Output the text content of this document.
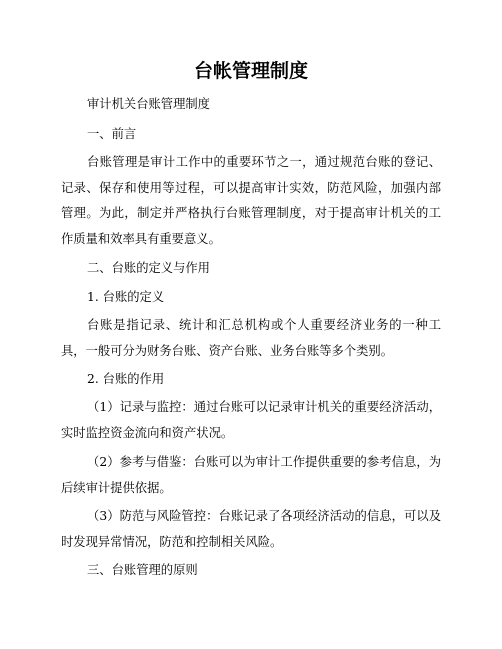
台帐管理制度

审计机关台账管理制度

一、前言

台账管理是审计工作中的重要环节之一，通过规范台账的登记、记录、保存和使用等过程，可以提高审计实效，防范风险，加强内部管理。为此，制定并严格执行台账管理制度，对于提高审计机关的工作质量和效率具有重要意义。

二、台账的定义与作用

1. 台账的定义

台账是指记录、统计和汇总机构或个人重要经济业务的一种工具，一般可分为财务台账、资产台账、业务台账等多个类别。

2. 台账的作用

（1）记录与监控：通过台账可以记录审计机关的重要经济活动，实时监控资金流向和资产状况。

（2）参考与借鉴：台账可以为审计工作提供重要的参考信息，为后续审计提供依据。

（3）防范与风险管控：台账记录了各项经济活动的信息，可以及时发现异常情况，防范和控制相关风险。

三、台账管理的原则
